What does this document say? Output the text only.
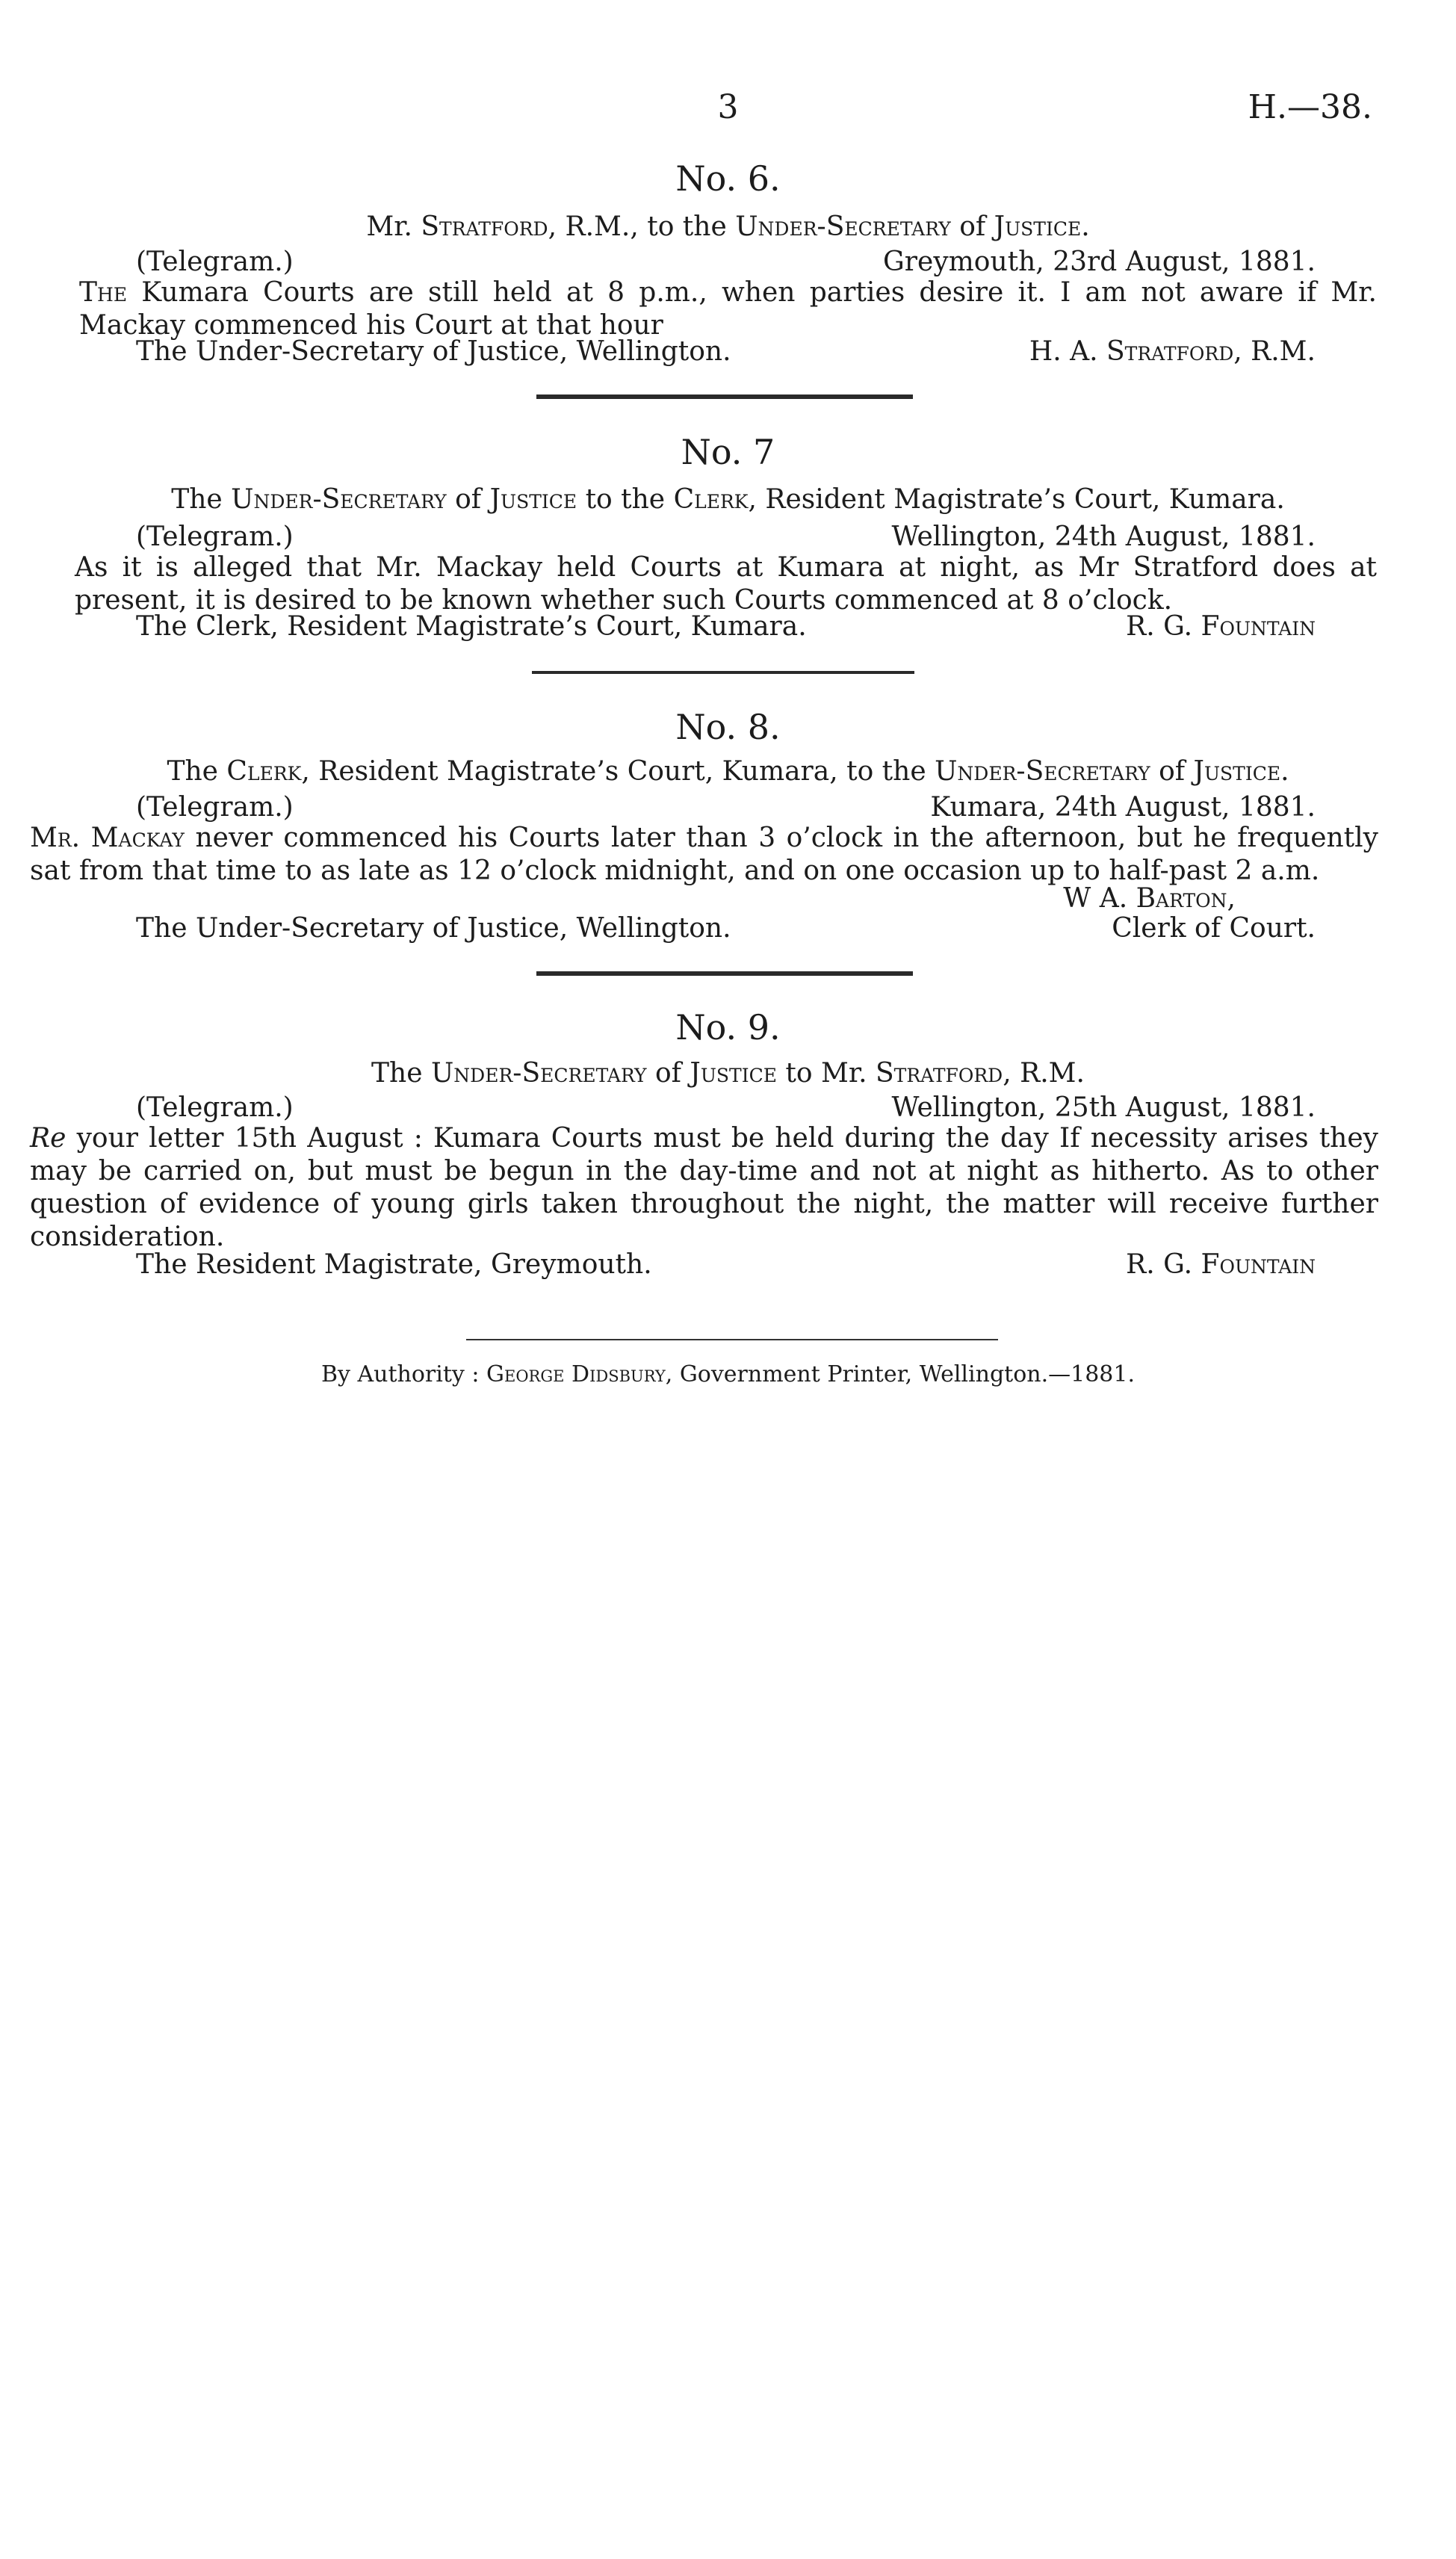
3	H.—38.
No. 6.
Mr. Stratford, R.M., to the Under-Secretary of Justice.
(Telegram.)	Greymouth, 23rd August, 1881.
The Kumara Courts are still held at 8 p.m., when parties desire it. I am not aware if Mr. Mackay commenced his Court at that hour
The Under-Secretary of Justice, Wellington.	H. A. Stratford, R.M.
No. 7
The Under-Secretary of Justice to the Clerk, Resident Magistrate’s Court, Kumara.
(Telegram.)	Wellington, 24th August, 1881.
As it is alleged that Mr. Mackay held Courts at Kumara at night, as Mr Stratford does at present, it is desired to be known whether such Courts commenced at 8 o’clock.
The Clerk, Resident Magistrate’s Court, Kumara.	R. G. Fountain
No. 8.
The Clerk, Resident Magistrate’s Court, Kumara, to the Under-Secretary of Justice.
(Telegram.)	Kumara, 24th August, 1881.
Mr. Mackay never commenced his Courts later than 3 o’clock in the afternoon, but he frequently sat from that time to as late as 12 o’clock midnight, and on one occasion up to half-past 2 a.m.
W A. Barton,
The Under-Secretary of Justice, Wellington.	Clerk of Court.
No. 9.
The Under-Secretary of Justice to Mr. Stratford, R.M.
(Telegram.)	Wellington, 25th August, 1881.
Re your letter 15th August : Kumara Courts must be held during the day If necessity arises they may be carried on, but must be begun in the day-time and not at night as hitherto. As to other question of evidence of young girls taken throughout the night, the matter will receive further consideration.
The Resident Magistrate, Greymouth.	R. G. Fountain
By Authority : George Didsbury, Government Printer, Wellington.—1881.
